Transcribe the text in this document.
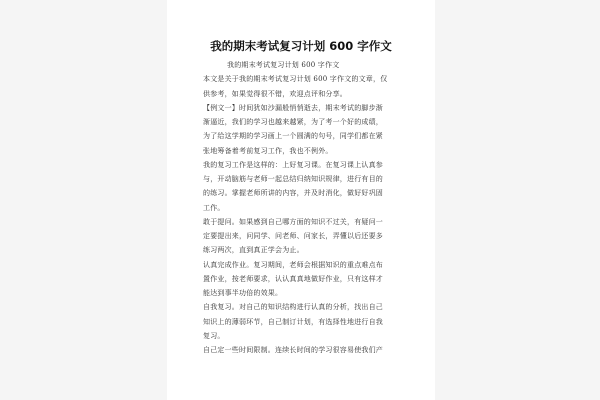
我的期末考试复习计划 600 字作文
我的期末考试复习计划 600 字作文
本文是关于我的期末考试复习计划 600 字作文的文章，仅
供参考，如果觉得很不错，欢迎点评和分享。
【例文一】时间犹如沙漏般悄悄逝去，期末考试的脚步渐
渐逼近，我们的学习也越来越紧，为了考一个好的成绩，
为了给这学期的学习画上一个圆满的句号，同学们都在紧
张地筹备着考前复习工作，我也不例外。
我的复习工作是这样的：上好复习课。在复习课上认真参
与，开动脑筋与老师一起总结归纳知识规律，进行有目的
的练习。掌握老师所讲的内容，并及时消化，做好好巩固
工作。
敢于提问。如果感到自己哪方面的知识不过关，有疑问一
定要提出来，问同学、问老师、问家长，弄懂以后还要多
练习两次，直到真正学会为止。
认真完成作业。复习期间，老师会根据知识的重点难点布
置作业，按老师要求，认认真真地做好作业，只有这样才
能达到事半功倍的效果。
自我复习。对自己的知识结构进行认真的分析，找出自己
知识上的薄弱环节，自己制订计划，有选择性地进行自我
复习。
自己定一些时间限制。连续长时间的学习很容易使我们产
